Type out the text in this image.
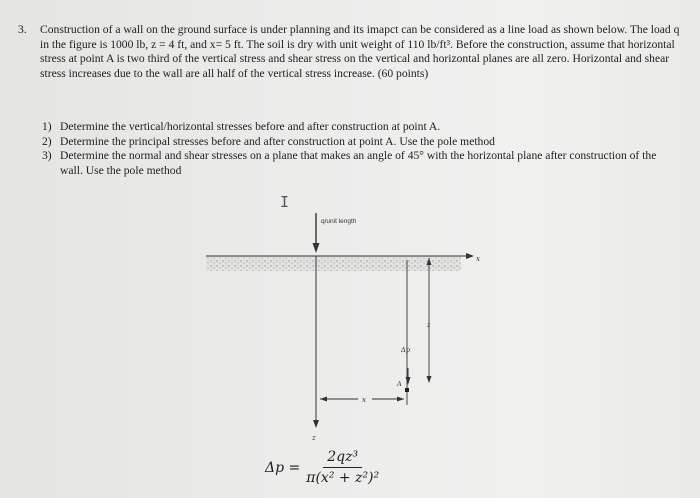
3. Construction of a wall on the ground surface is under planning and its imapct can be considered as a line load as shown below. The load q in the figure is 1000 lb, z = 4 ft, and x= 5 ft. The soil is dry with unit weight of 110 lb/ft³. Before the construction, assume that horizontal stress at point A is two third of the vertical stress and shear stress on the vertical and horizontal planes are all zero. Horizontal and shear stress increases due to the wall are all half of the vertical stress increase. (60 points)
1) Determine the vertical/horizontal stresses before and after construction at point A.
2) Determine the principal stresses before and after construction at point A. Use the pole method
3) Determine the normal and shear stresses on a plane that makes an angle of 45° with the horizontal plane after construction of the wall. Use the pole method
I
x
q/unit length
z
x
A
Δp
z
$\Delta p = \frac{\text{2qz³}}{\text{π(x² + z²)²}}$
